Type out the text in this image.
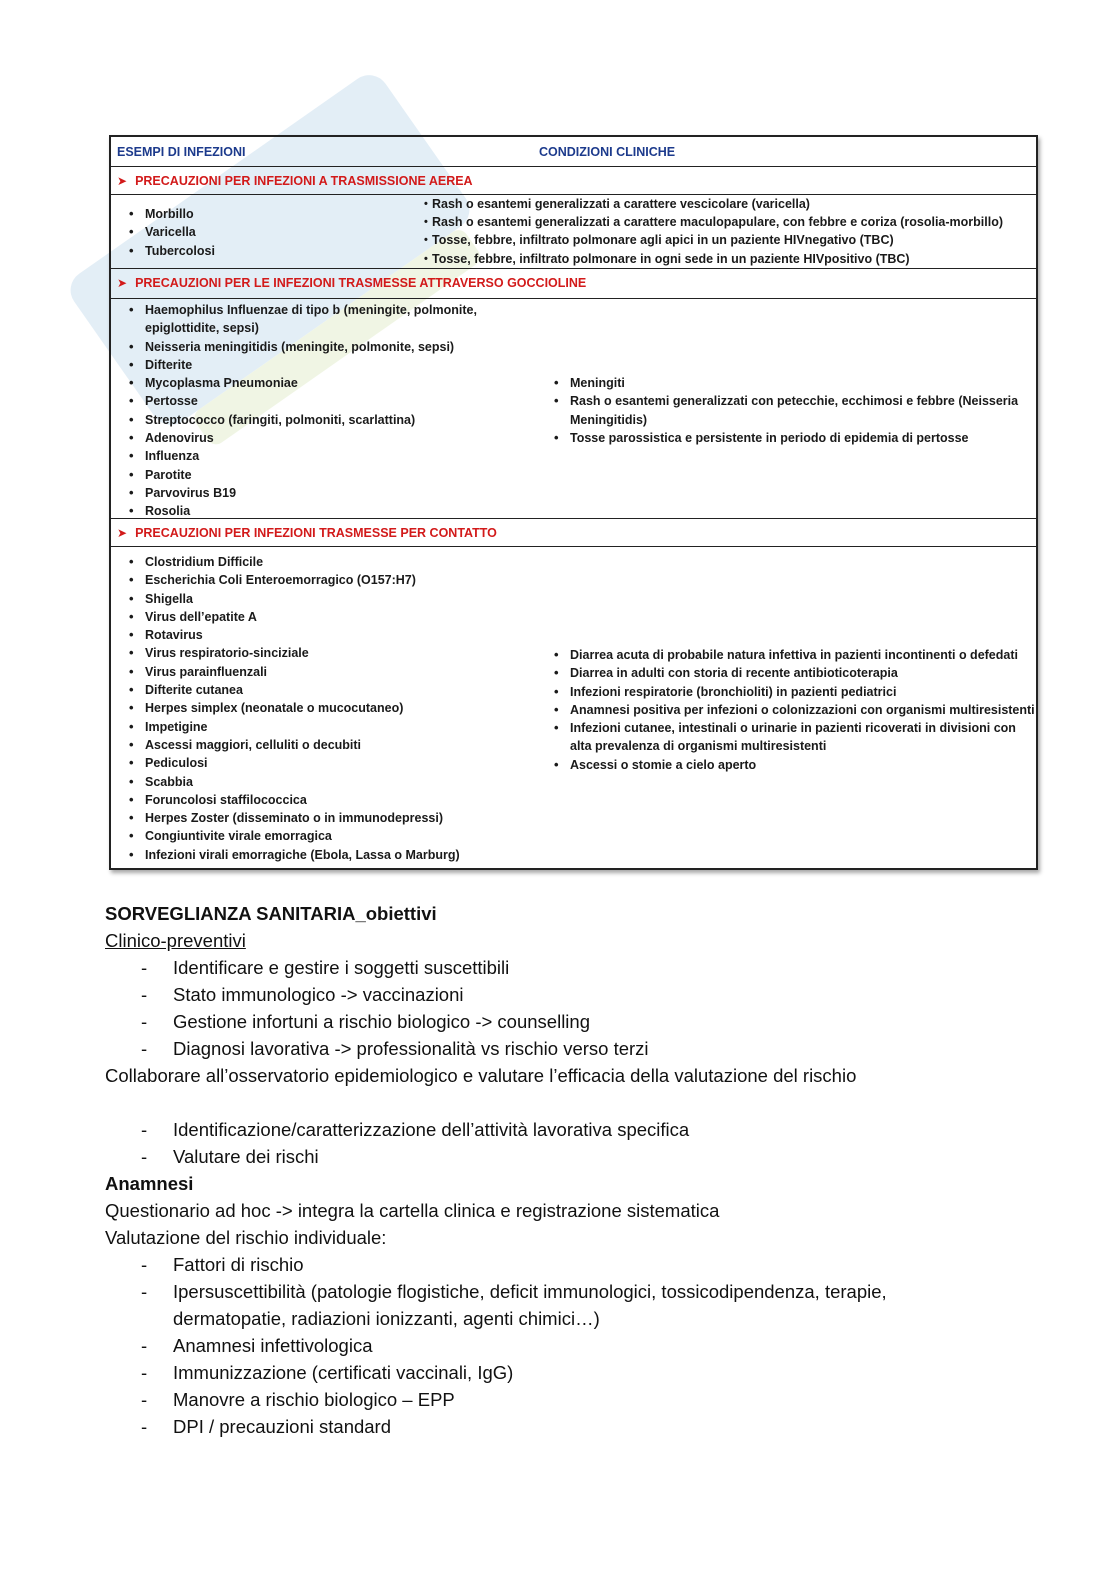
ESEMPI DI INFEZIONI	CONDIZIONI CLINICHE
➤ PRECAUZIONI PER INFEZIONI A TRASMISSIONE AEREA
• Morbillo
• Varicella
• Tubercolosi
• Rash o esantemi generalizzati a carattere vescicolare (varicella)
• Rash o esantemi generalizzati a carattere maculopapulare, con febbre e coriza (rosolia-morbillo)
• Tosse, febbre, infiltrato polmonare agli apici in un paziente HIVnegativo (TBC)
• Tosse, febbre, infiltrato polmonare in ogni sede in un paziente HIVpositivo (TBC)
➤ PRECAUZIONI PER LE INFEZIONI TRASMESSE ATTRAVERSO GOCCIOLINE
• Haemophilus Influenzae di tipo b (meningite, polmonite, epiglottidite, sepsi)
• Neisseria meningitidis (meningite, polmonite, sepsi)
• Difterite
• Mycoplasma Pneumoniae
• Pertosse
• Streptococco (faringiti, polmoniti, scarlattina)
• Adenovirus
• Influenza
• Parotite
• Parvovirus B19
• Rosolia
• Meningiti
• Rash o esantemi generalizzati con petecchie, ecchimosi e febbre (Neisseria Meningitidis)
• Tosse parossistica e persistente in periodo di epidemia di pertosse
➤ PRECAUZIONI PER INFEZIONI TRASMESSE PER CONTATTO
• Clostridium Difficile
• Escherichia Coli Enteroemorragico (O157:H7)
• Shigella
• Virus dell’epatite A
• Rotavirus
• Virus respiratorio-sinciziale
• Virus parainfluenzali
• Difterite cutanea
• Herpes simplex (neonatale o mucocutaneo)
• Impetigine
• Ascessi maggiori, celluliti o decubiti
• Pediculosi
• Scabbia
• Foruncolosi staffilococcica
• Herpes Zoster (disseminato o in immunodepressi)
• Congiuntivite virale emorragica
• Infezioni virali emorragiche (Ebola, Lassa o Marburg)
• Diarrea acuta di probabile natura infettiva in pazienti incontinenti o defedati
• Diarrea in adulti con storia di recente antibioticoterapia
• Infezioni respiratorie (bronchioliti) in pazienti pediatrici
• Anamnesi positiva per infezioni o colonizzazioni con organismi multiresistenti
• Infezioni cutanee, intestinali o urinarie in pazienti ricoverati in divisioni con alta prevalenza di organismi multiresistenti
• Ascessi o stomie a cielo aperto
SORVEGLIANZA SANITARIA_obiettivi
Clinico-preventivi
- Identificare e gestire i soggetti suscettibili
- Stato immunologico -> vaccinazioni
- Gestione infortuni a rischio biologico -> counselling
- Diagnosi lavorativa -> professionalità vs rischio verso terzi
Collaborare all’osservatorio epidemiologico e valutare l’efficacia della valutazione del rischio
- Identificazione/caratterizzazione dell’attività lavorativa specifica
- Valutare dei rischi
Anamnesi
Questionario ad hoc -> integra la cartella clinica e registrazione sistematica
Valutazione del rischio individuale:
- Fattori di rischio
- Ipersuscettibilità (patologie flogistiche, deficit immunologici, tossicodipendenza, terapie, dermatopatie, radiazioni ionizzanti, agenti chimici…)
- Anamnesi infettivologica
- Immunizzazione (certificati vaccinali, IgG)
- Manovre a rischio biologico – EPP
- DPI / precauzioni standard
